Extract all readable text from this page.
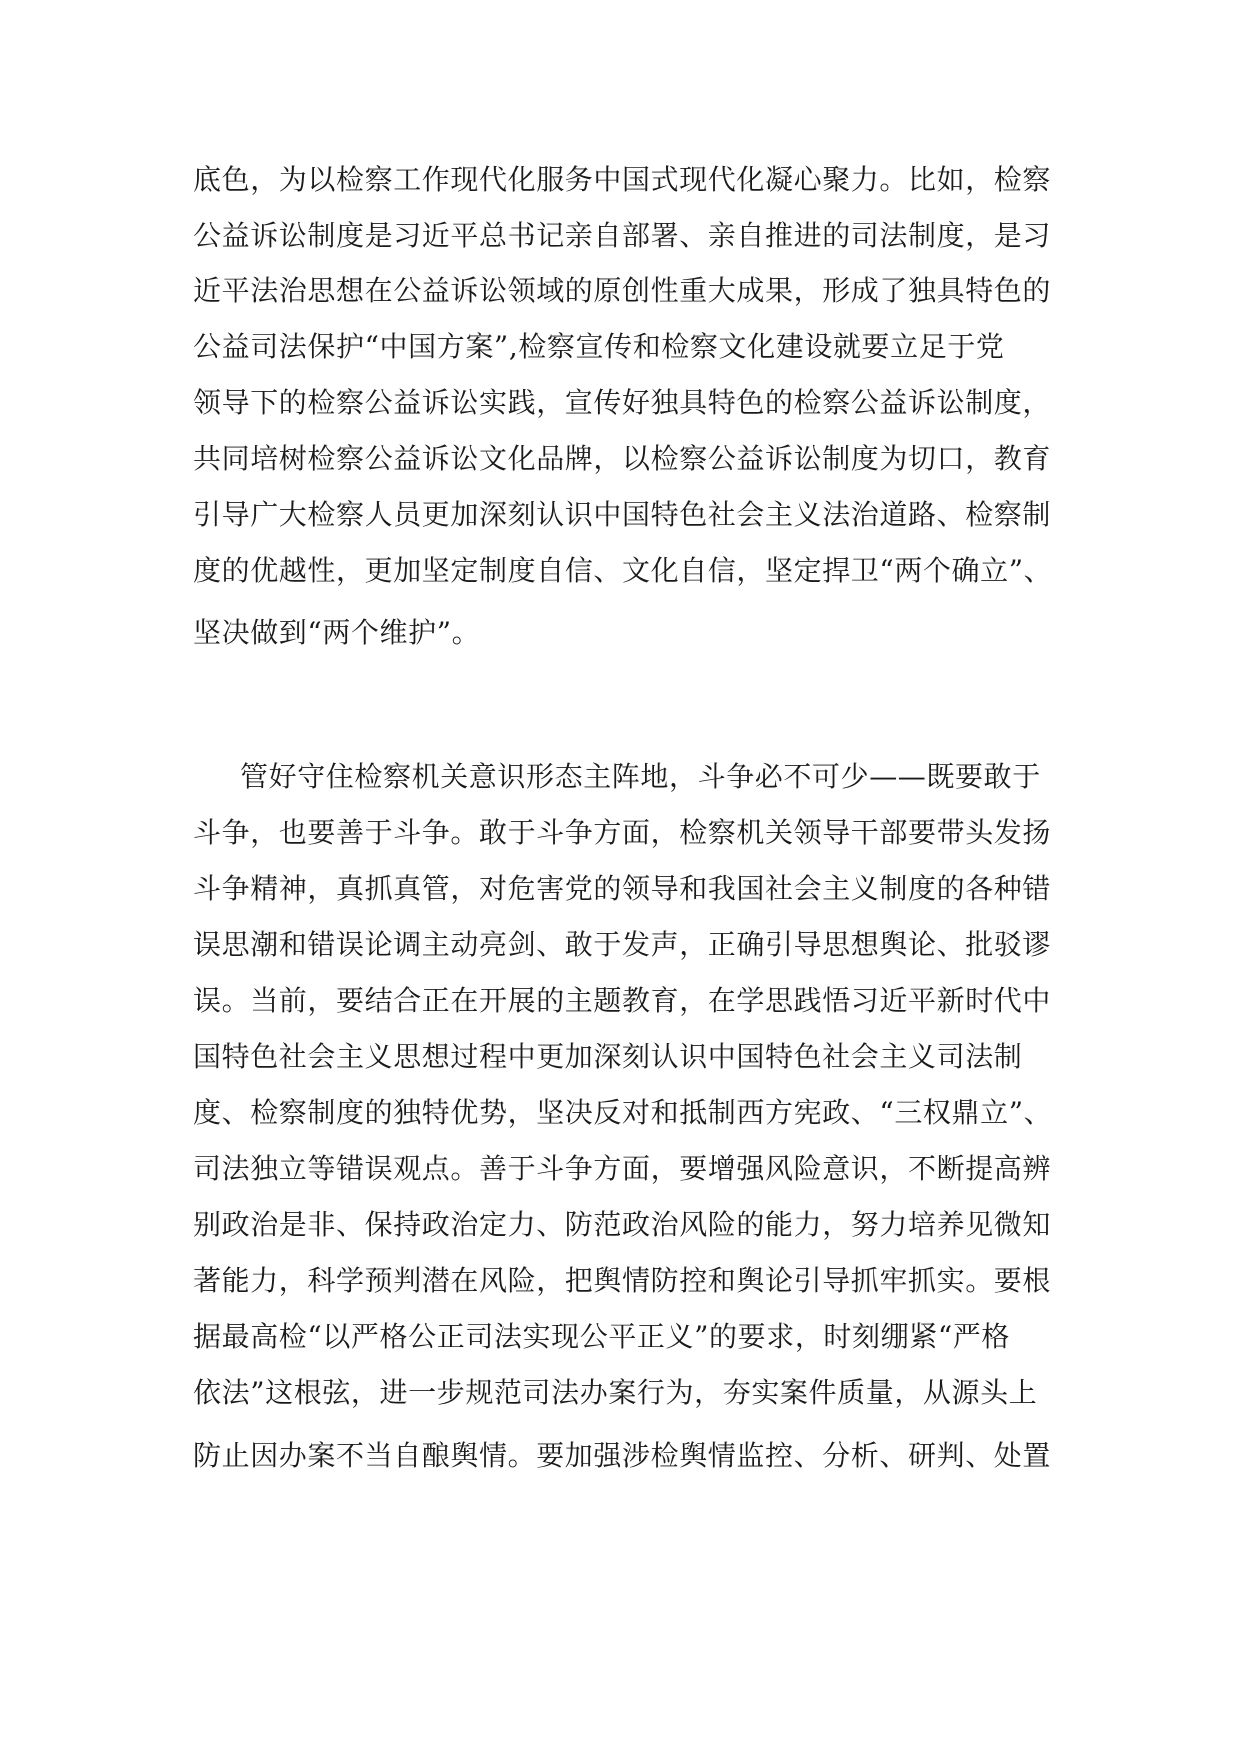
底色，为以检察工作现代化服务中国式现代化凝心聚力。比如，检察
公益诉讼制度是习近平总书记亲自部署、亲自推进的司法制度，是习
近平法治思想在公益诉讼领域的原创性重大成果，形成了独具特色的
公益司法保护“中国方案”,检察宣传和检察文化建设就要立足于党
领导下的检察公益诉讼实践，宣传好独具特色的检察公益诉讼制度，
共同培树检察公益诉讼文化品牌，以检察公益诉讼制度为切口，教育
引导广大检察人员更加深刻认识中国特色社会主义法治道路、检察制
度的优越性，更加坚定制度自信、文化自信，坚定捍卫“两个确立”、
坚决做到“两个维护”。
管好守住检察机关意识形态主阵地，斗争必不可少——既要敢于
斗争，也要善于斗争。敢于斗争方面，检察机关领导干部要带头发扬
斗争精神，真抓真管，对危害党的领导和我国社会主义制度的各种错
误思潮和错误论调主动亮剑、敢于发声，正确引导思想舆论、批驳谬
误。当前，要结合正在开展的主题教育，在学思践悟习近平新时代中
国特色社会主义思想过程中更加深刻认识中国特色社会主义司法制
度、检察制度的独特优势，坚决反对和抵制西方宪政、“三权鼎立”、
司法独立等错误观点。善于斗争方面，要增强风险意识，不断提高辨
别政治是非、保持政治定力、防范政治风险的能力，努力培养见微知
著能力，科学预判潜在风险，把舆情防控和舆论引导抓牢抓实。要根
据最高检“以严格公正司法实现公平正义”的要求，时刻绷紧“严格
依法”这根弦，进一步规范司法办案行为，夯实案件质量，从源头上
防止因办案不当自酿舆情。要加强涉检舆情监控、分析、研判、处置
